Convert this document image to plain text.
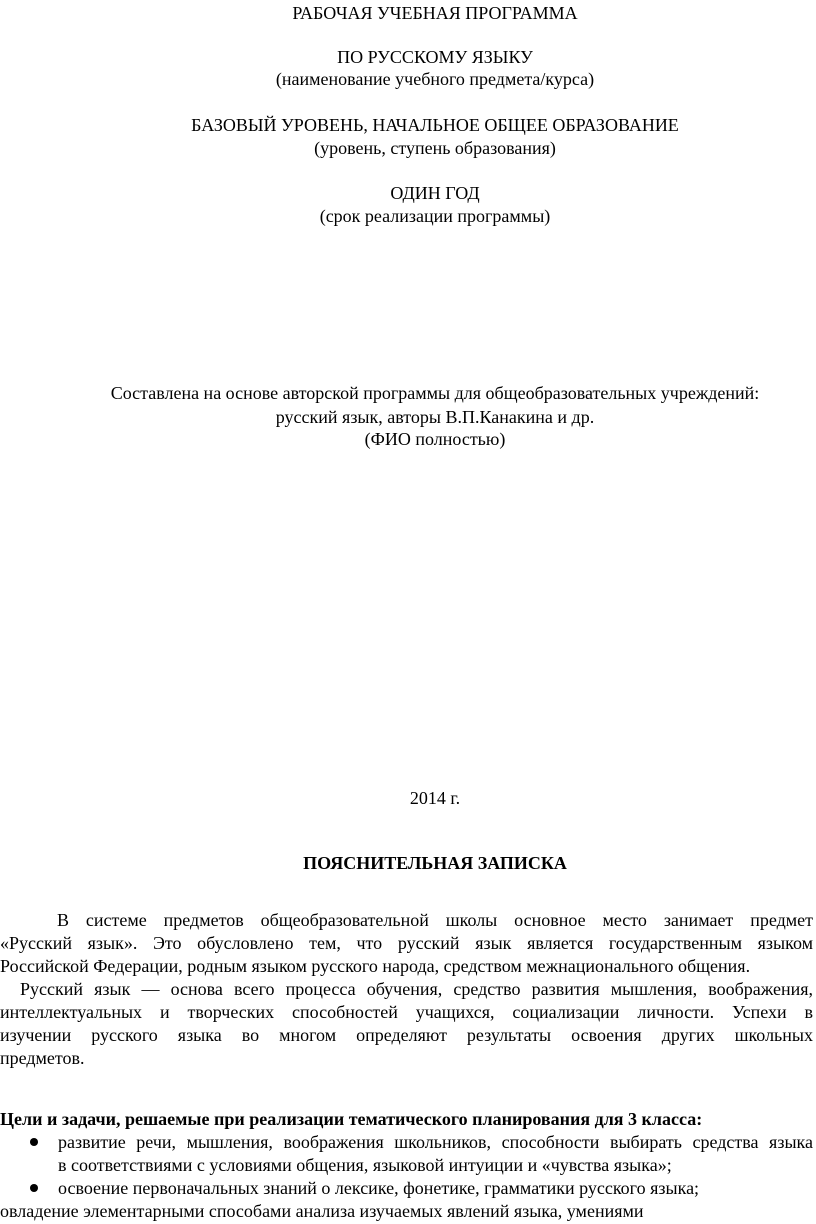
РАБОЧАЯ УЧЕБНАЯ ПРОГРАММА
ПО РУССКОМУ ЯЗЫКУ
(наименование учебного предмета/курса)
БАЗОВЫЙ УРОВЕНЬ, НАЧАЛЬНОЕ ОБЩЕЕ ОБРАЗОВАНИЕ
(уровень, ступень образования)
ОДИН ГОД
(срок реализации программы)
Составлена на основе авторской программы для общеобразовательных учреждений:
русский язык, авторы В.П.Канакина и др.
(ФИО полностью)
2014 г.
ПОЯСНИТЕЛЬНАЯ ЗАПИСКА
В системе предметов общеобразовательной школы основное место занимает предмет
«Русский язык». Это обусловлено тем, что русский язык является государственным языком
Российской Федерации, родным языком русского народа, средством межнационального общения.
Русский язык — основа всего процесса обучения, средство развития мышления, воображения,
интеллектуальных и творческих способностей учащихся, социализации личности. Успехи в
изучении русского языка во многом определяют результаты освоения других школьных
предметов.
Цели и задачи, решаемые при реализации тематического планирования для 3 класса:
развитие речи, мышления, воображения школьников, способности выбирать средства языка
в соответствиями с условиями общения, языковой интуиции и «чувства языка»;
освоение первоначальных знаний о лексике, фонетике, грамматики русского языка;
овладение элементарными способами анализа изучаемых явлений языка, умениями
